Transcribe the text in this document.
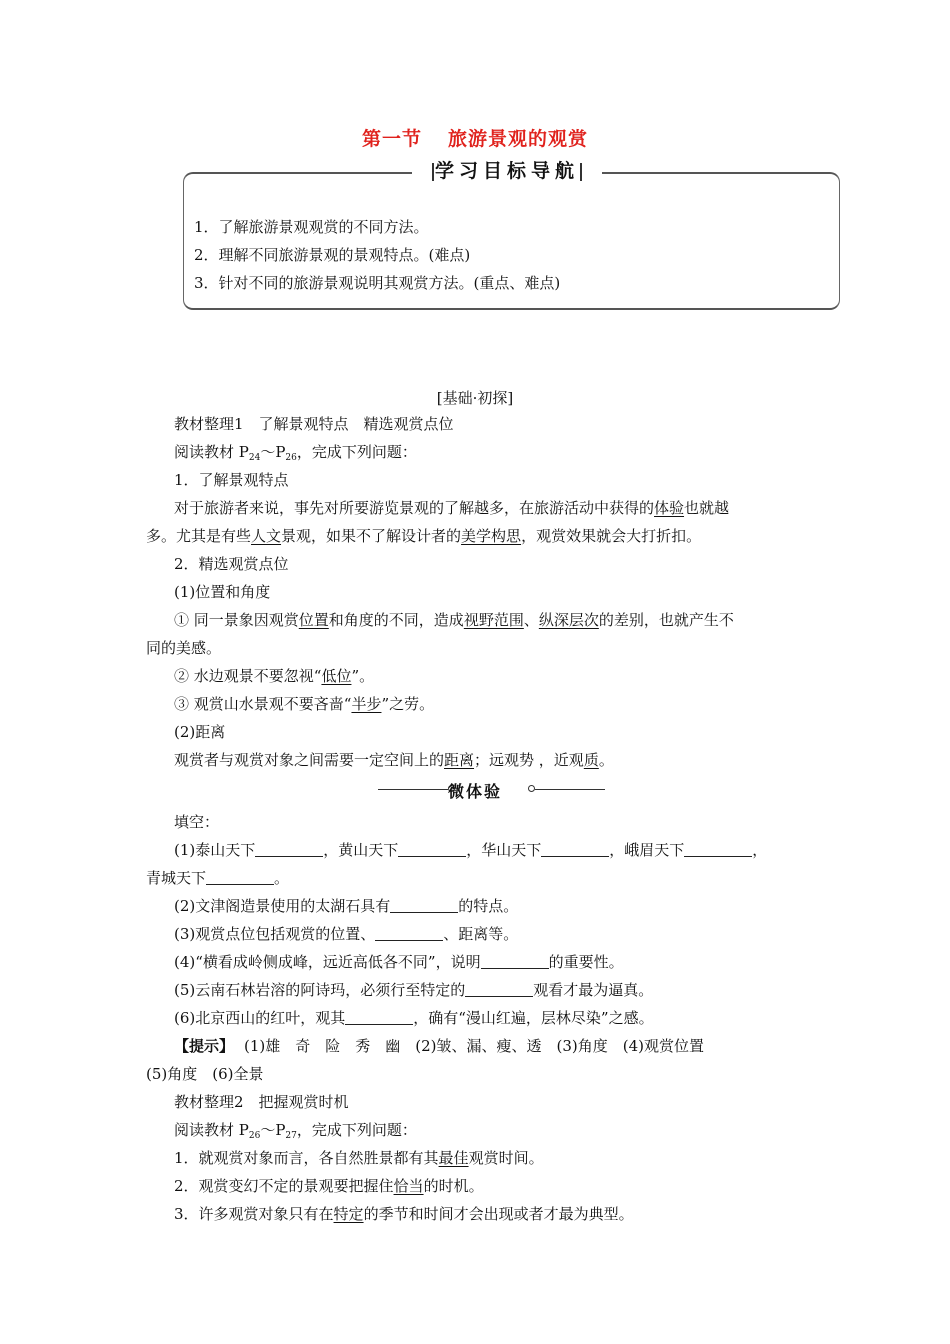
第一节 旅游景观的观赏
1．了解旅游景观观赏的不同方法。
2．理解不同旅游景观的景观特点。(难点)
3．针对不同的旅游景观说明其观赏方法。(重点、难点)
学习目标导航
[基础·初探]
教材整理1　了解景观特点　精选观赏点位
阅读教材 $P_{24}\sim P_{26}$，完成下列问题：
1．了解景观特点
对于旅游者来说，事先对所要游览景观的了解越多，在旅游活动中获得的体验也就越
多。尤其是有些人文景观，如果不了解设计者的美学构思，观赏效果就会大打折扣。
2．精选观赏点位
(1)位置和角度
① 同一景象因观赏位置和角度的不同，造成视野范围、纵深层次的差别，也就产生不
同的美感。
② 水边观景不要忽视“低位”。
③ 观赏山水景观不要吝啬“半步”之劳。
(2)距离
观赏者与观赏对象之间需要一定空间上的距离；远观势 ，近观质。
微体验
填空：
(1)泰山天下	，黄山天下	，华山天下	，峨眉天下	，
青城天下	。
(2)文津阁造景使用的太湖石具有	的特点。
(3)观赏点位包括观赏的位置、	、距离等。
(4)“横看成岭侧成峰，远近高低各不同”，说明	的重要性。
(5)云南石林岩溶的阿诗玛，必须行至特定的	观看才最为逼真。
(6)北京西山的红叶，观其	，确有“漫山红遍，层林尽染”之感。
【提示】 (1)雄　奇　险　秀　幽　(2)皱、漏、瘦、透　(3)角度　(4)观赏位置
(5)角度　(6)全景
教材整理2　把握观赏时机
阅读教材 $P_{26}\sim P_{27}$，完成下列问题：
1．就观赏对象而言，各自然胜景都有其最佳观赏时间。
2．观赏变幻不定的景观要把握住恰当的时机。
3．许多观赏对象只有在特定的季节和时间才会出现或者才最为典型。
